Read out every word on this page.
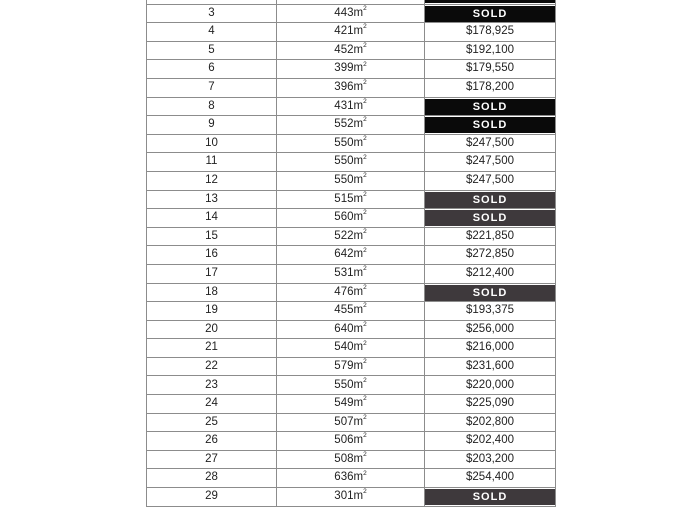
3	$443m^2$	SOLD

4	$421m^2$	$178,925

5	$452m^2$	$192,100

6	$399m^2$	$179,550

7	$396m^2$	$178,200

8	$431m^2$	SOLD

9	$552m^2$	SOLD

10	$550m^2$	$247,500

11	$550m^2$	$247,500

12	$550m^2$	$247,500

13	$515m^2$	SOLD

14	$560m^2$	SOLD

15	$522m^2$	$221,850

16	$642m^2$	$272,850

17	$531m^2$	$212,400

18	$476m^2$	SOLD

19	$455m^2$	$193,375

20	$640m^2$	$256,000

21	$540m^2$	$216,000

22	$579m^2$	$231,600

23	$550m^2$	$220,000

24	$549m^2$	$225,090

25	$507m^2$	$202,800

26	$506m^2$	$202,400

27	$508m^2$	$203,200

28	$636m^2$	$254,400

29	$301m^2$	SOLD
